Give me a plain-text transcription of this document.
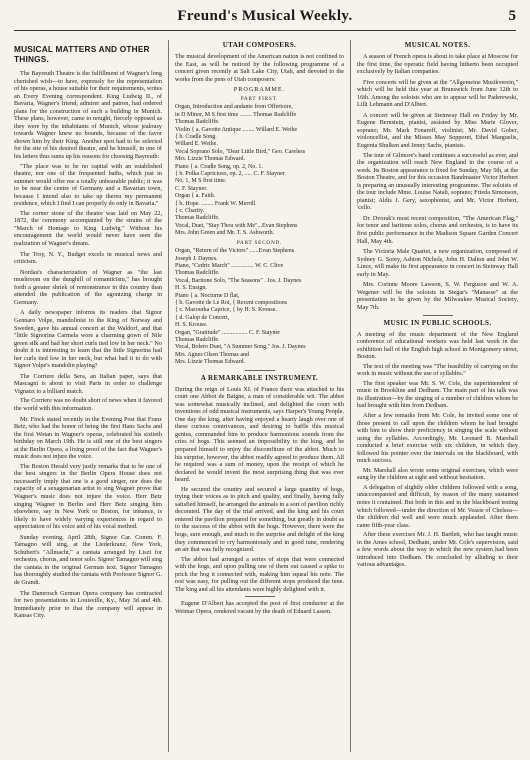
Freund's Musical Weekly.	5
MUSICAL MATTERS AND OTHER THINGS.

The Bayreuth Theatre is the fulfillment of Wagner's long cherished wish—to have, expressly for the representation of his operas, a house suitable for their requirements, writes an Every Evening correspondent. King Ludwig II., of Bavaria, Wagner's friend, admirer and patron, had ordered plans for the construction of such a building in Munich. These plans, however, came to nought, fiercely opposed as they were by the inhabitants of Munich, whose jealousy towards Wagner knew no bounds, because of the favor shown him by their King. Another spot had to be selected for the site of his desired theatre, and he himself, in one of his letters thus sums up his reasons for choosing Bayreuth:

"The place was to be no capital with an established theatre, nor one of the frequented baths, which just in summer would offer me a totally unbearable public; it was to be near the centre of Germany and a Bavarian town, because I intend also to take up thereu my permanent residence, which I find I can properly do only in Bavaria."

The corner stone of the theatre was laid on May 22, 1872, the ceremony accompanied by the strains of the "March of Homage to King Ludwig." Without his encouragement the world would never have seen the realization of Wagner's dream.

The Troy, N. Y., Budget excels in musical news and criticism.

Nordau's characterization of Wagner as "the last mushroom on the dunghill of romanticism," has brought forth a greater shriek of remonstrance in this country than attended the publication of the agonizing charge in Germany.

A daily newspaper informs its readers that Signor Gennaro Volpe, mandolinist to the King of Norway and Sweden, gave his annual concert at the Waldorf, and that "little Signorina Carmela wore a charming gown of Nile green silk and had her short curls tied low in her neck." No doubt it is interesting to learn that the little Signorina had her curls tied low in her neck, but what had it to do with Signor Volpe's mandolin playing?

The Corriere della Sera, an Italian paper, says that Mascagni is about to visit Paris in order to challenge Vignaux to a billiard match.

The Corriere was no doubt short of news when it favored the world with this information.

Mr. Finck stated recently in the Evening Post that Franz Betz, who had the honor of being the first Hans Sachs and the first Wotan in Wagner's operas, celebrated his sixtieth birthday on March 19th. He is still one of the best singers at the Berlin Opera, a living proof of the fact that Wagner's music does not injure the voice.

The Boston Herald very justly remarks that to be one of the best singers in the Berlin Opera House does not necessarily imply that one is a good singer, nor does the capacity of a sexagenarian artist to sing Wagner prove that Wagner's music does not injure the voice. Herr Betz singing Wagner in Berlin and Herr Betz singing him elsewhere, say in New York or Boston, for instance, is likely to have widely varying experiences in regard to appreciation of his voice and of his vocal method.

Sunday evening, April 28th, Signor Car. Comm. F. Tamagno will sing, at the Liederkranz, New York, Schubert's "Allmacht," a cantata arranged by Liszt for orchestra, chorus, and tenor solo. Signor Tamagno will sing the cantata in the original German text. Signor Tamagno has thoroughly studied the cantata with Professor Signor G. de Grandi.

The Damrosch German Opera company has contracted for two presentations in Louisville, Ky., May 3d and 4th. Immediately prior to that the company will appear in Kansas City.

UTAH COMPOSERS.

The musical development of the American nation is not confined to the East, as will be noticed by the following programme of a concert given recently at Salt Lake City, Utah, and devoted to the works from the pens of Utah composers:

PROGRAMME.
PART FIRST.
Organ, Introduction and andante from Offertoire,
in D Minor, M S first time ........ Thomas Radcliffe
Thomas Radcliffe.
Violin { a. Gavotte Antique ........ Willard E. Weihe
{ b. Cradle Song.
Willard E. Weihe.
Vocal Soprano Solo, "Dear Little Bird," Geo. Careless
Mrs. Lizzie Thomas Edward.
Piano { a. Cradle Song, op. 2, No. 1.
{ b. Polka Capricioso, op. 2, ..... C. F. Stayner
No. 1, M S first time.
C. F. Stayner.
Organ { a. Faith.
{ b. Hope. ........ Frank W. Merrill
{ c. Charity.
Thomas Radcliffe.
Vocal, Duet, "Stay Thou with Me"...Evan Stephens
Mrs. John Green and Mr. T. S. Ashworth.
PART SECOND.
Organ, "Return of the Victors" ......Evan Stephens
Joseph J. Daynes.
Piano, "Cedric March" ............... W. C. Clive
Thomas Radcliffe.
Vocal, Baritone Solo, "The Seasons" . Jos. J. Daynes
H. S. Ensign.
Piano { a. Nocturne D flat,
{ b. Gavotte de Le Roi, { Recent compositions
{ c. Mazourka Caprice, { by H. S. Krouse.
{ d. Galop de Concert,
H. S. Krouse.
Organ, "Gratitude" ................. C. F. Stayner
Thomas Radcliffe.
Vocal, Bolero Duet, "A Summer Song," Jos. J. Daynes
Mrs. Agnes Olsen Thomas and
Mrs. Lizzie Thomas Edward.
A REMARKABLE INSTRUMENT.

During the reign of Louis XI. of France there was attached to his court one Abbot de Baigne, a man of considerable wit. The abbot was somewhat musically inclined, and delighted the court with inventions of odd musical instruments, says Harper's Young People. One day the king, after having enjoyed a hearty laugh over one of these curious contrivances, and desiring to baffle this musical genius, commanded him to produce harmonious sounds from the cries of hogs. This seemed an impossibility to the king, and he prepared himself to enjoy the discomfiture of the abbot. Much to his surprise, however, the abbot readily agreed to produce them. All he required was a sum of money, upon the receipt of which he declared he would invent the most surprising thing that was ever heard.

He secured the country and secured a large quantity of hogs, trying their voices as to pitch and quality, and finally, having fully satisfied himself, he arranged the animals in a sort of pavilion richly decorated. The day of the trial arrived, and the king and his court entered the pavilion prepared for something, but greatly in doubt as to the success of the abbot with the hogs. However, there were the hogs, sure enough, and much to the surprise and delight of the king they commenced to cry harmoniously and in good tune, rendering an air that was fully recognized.

The abbot had arranged a series of stops that were connected with the hogs, and upon pulling one of them out caused a spike to prick the hog it connected with, making him squeal his note. The rest was easy, for pulling out the different stops produced the tune. The king and all his attendants were highly delighted with it.

Eugene D'Albert has accepted the post of first conductor at the Weimar Opera, rendered vacant by the death of Eduard Lassen.

MUSICAL NOTES.

A season of French opera is about to take place at Moscow for the first time, the operatic field having hitherto been occupied exclusively by Italian companies.

Five concerts will be given at the "Allgemeine Musikverein," which will be held this year at Brunswick from June 12th to 16th. Among the soloists who are to appear will be Paderewski, Lilli Lehmann and D'Albert.

A concert will be given at Steinway Hall on Friday by Mr. Eugene Bernstein, pianist, assisted by Miss Marie Glover, soprano; Mr. Mark Fonaroff, violinist; Mr. David Gober, violoncellist, and the Misses May Sopporet, Ethel Marguelis, Eugenia Shulken and Jenny Sachs, pianists.

The tour of Gilmore's band continues a successful as ever, and the organization will reach New England in the course of a week. Its Boston appearance is fixed for Sunday, May 5th, at the Boston Theatre, and for this occasion Bandmaster Victor Herbert is preparing an unusually interesting programme. The soloists of the tour include Mme. Louise Natali, soprano; Frieda Simonson, pianist; Aldis J. Gery, saxophonist, and Mr. Victor Herbert, 'cello.

Dr. Dvorak's most recent composition, "The American Flag," for tenor and baritone solos, chorus and orchestra, is to have its first public performance in the Madison Square Garden Concert Hall, May 4th.

The Victoria Male Quartet, a new organization, composed of Sydney G. Sorey, Ashton Nichols, John H. Dalton and John W. Lince, will make its first appearance in concert in Steinway Hall early in May.

Mrs. Corinne Moore Lawson, S. W. Ferguson and W. A. Wegener will be the soloists in Stegar's "Manasse" at the presentation to be given by the Milwaukee Musical Society, May 7th.

MUSIC IN PUBLIC SCHOOLS.

A meeting of the music department of the New England conference of educational workers was held last week in the exhibition hall of the English high school in Montgomery street, Boston.

The text of the meeting was "The feasibility of carrying on the work in music without the use of syllables."

The first speaker was Mr. S. W. Cole, the superintendent of music in Brookline and Dedham. The main part of his talk was its illustration—by the singing of a number of children whom he had brought with him from Dedham.

After a few remarks from Mr. Cole, he invited some one of those present to call upon the children whom he had brought with him to show their proficiency in singing the scale without using the syllables. Accordingly, Mr. Leonard B. Marshall conducted a brief exercise with six children, in which they followed his pointer over the intervals on the blackboard, with much success.

Mr. Marshall also wrote some original exercises, which were sung by the children at sight and without hesitation.

A delegation of slightly older children followed with a song, unaccompanied and difficult, by reason of the many sustained notes it contained. But both in this and in the blackboard testing which followed—under the direction of Mr. Veasie of Chelsea—the children did well and were much applauded. After them came fifth-year class.

After these exercises Mr. J. H. Bartlett, who has taught music in the Ames school, Dedham, under Mr. Cole's supervision, said a few words about the way in which the new system had been introduced into Dedham. He concluded by alluding to their various advantages.
